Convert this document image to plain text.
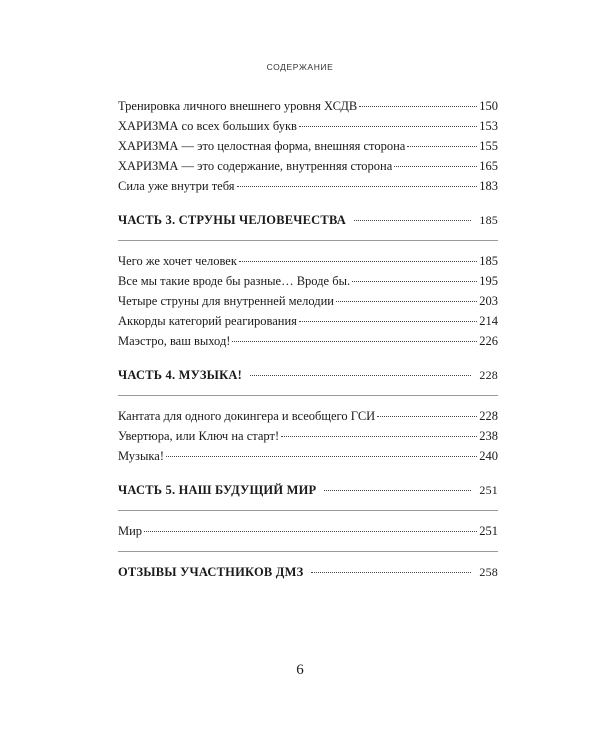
СОДЕРЖАНИЕ
Тренировка личного внешнего уровня ХСДВ	150
ХАРИЗМА со всех больших букв	153
ХАРИЗМА — это целостная форма, внешняя сторона	155
ХАРИЗМА — это содержание, внутренняя сторона	165
Сила уже внутри тебя	183
ЧАСТЬ 3. СТРУНЫ ЧЕЛОВЕЧЕСТВА	185
Чего же хочет человек	185
Все мы такие вроде бы разные… Вроде бы.	195
Четыре струны для внутренней мелодии	203
Аккорды категорий реагирования	214
Маэстро, ваш выход!	226
ЧАСТЬ 4. МУЗЫКА!	228
Кантата для одного докингера и всеобщего ГСИ	228
Увертюра, или Ключ на старт!	238
Музыка!	240
ЧАСТЬ 5. НАШ БУДУЩИЙ МИР	251
Мир	251
ОТЗЫВЫ УЧАСТНИКОВ ДМЗ	258
6
